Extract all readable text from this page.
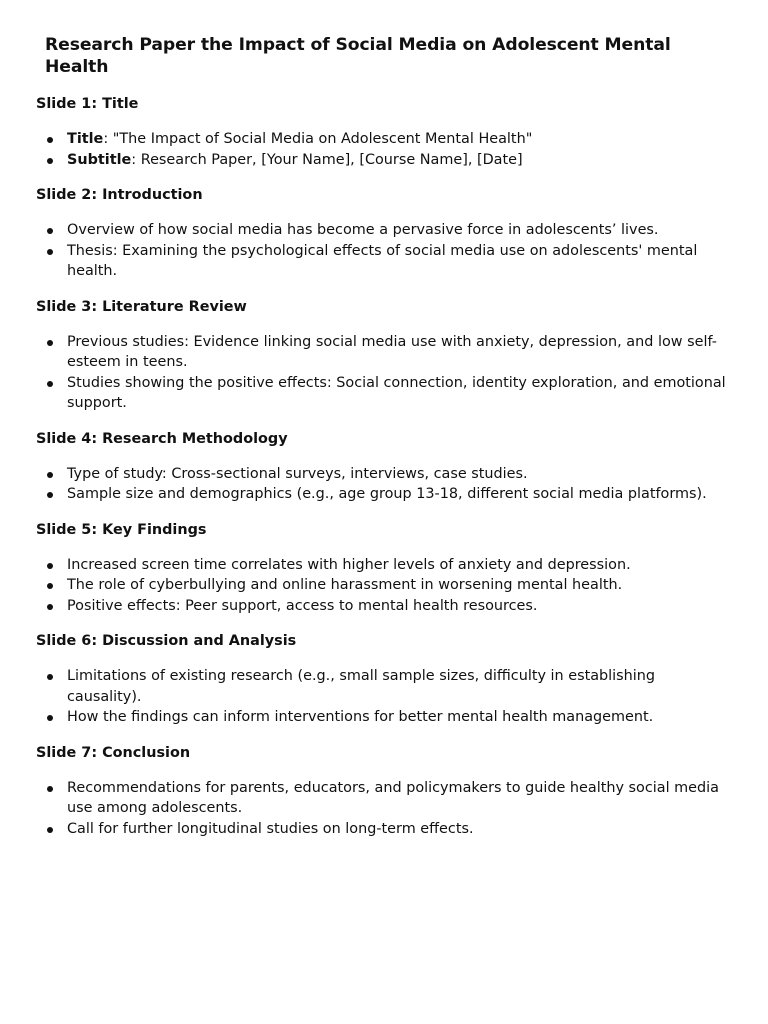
Research Paper the Impact of Social Media on Adolescent Mental Health
Slide 1: Title
Title: "The Impact of Social Media on Adolescent Mental Health"
Subtitle: Research Paper, [Your Name], [Course Name], [Date]
Slide 2: Introduction
Overview of how social media has become a pervasive force in adolescents’ lives.
Thesis: Examining the psychological effects of social media use on adolescents' mental health.
Slide 3: Literature Review
Previous studies: Evidence linking social media use with anxiety, depression, and low self-esteem in teens.
Studies showing the positive effects: Social connection, identity exploration, and emotional support.
Slide 4: Research Methodology
Type of study: Cross-sectional surveys, interviews, case studies.
Sample size and demographics (e.g., age group 13-18, different social media platforms).
Slide 5: Key Findings
Increased screen time correlates with higher levels of anxiety and depression.
The role of cyberbullying and online harassment in worsening mental health.
Positive effects: Peer support, access to mental health resources.
Slide 6: Discussion and Analysis
Limitations of existing research (e.g., small sample sizes, difficulty in establishing causality).
How the findings can inform interventions for better mental health management.
Slide 7: Conclusion
Recommendations for parents, educators, and policymakers to guide healthy social media use among adolescents.
Call for further longitudinal studies on long-term effects.
